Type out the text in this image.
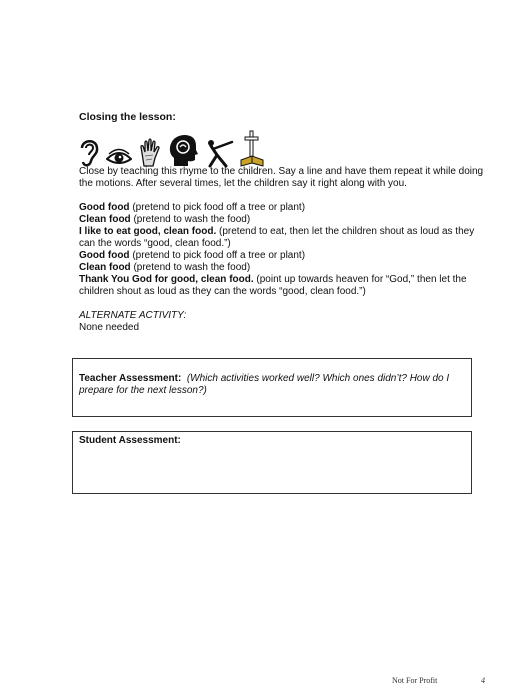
Closing the lesson:
Close by teaching this rhyme to the children. Say a line and have them repeat it while doing the motions. After several times, let the children say it right along with you.

Good food (pretend to pick food off a tree or plant)

Clean food (pretend to wash the food)

I like to eat good, clean food. (pretend to eat, then let the children shout as loud as they can the words “good, clean food.”)

Good food (pretend to pick food off a tree or plant)

Clean food (pretend to wash the food)

Thank You God for good, clean food. (point up towards heaven for “God,” then let the children shout as loud as they can the words “good, clean food.”)

ALTERNATE ACTIVITY:
None needed
Teacher Assessment: (Which activities worked well? Which ones didn’t? How do I prepare for the next lesson?)
Student Assessment:
Not For Profit	4
